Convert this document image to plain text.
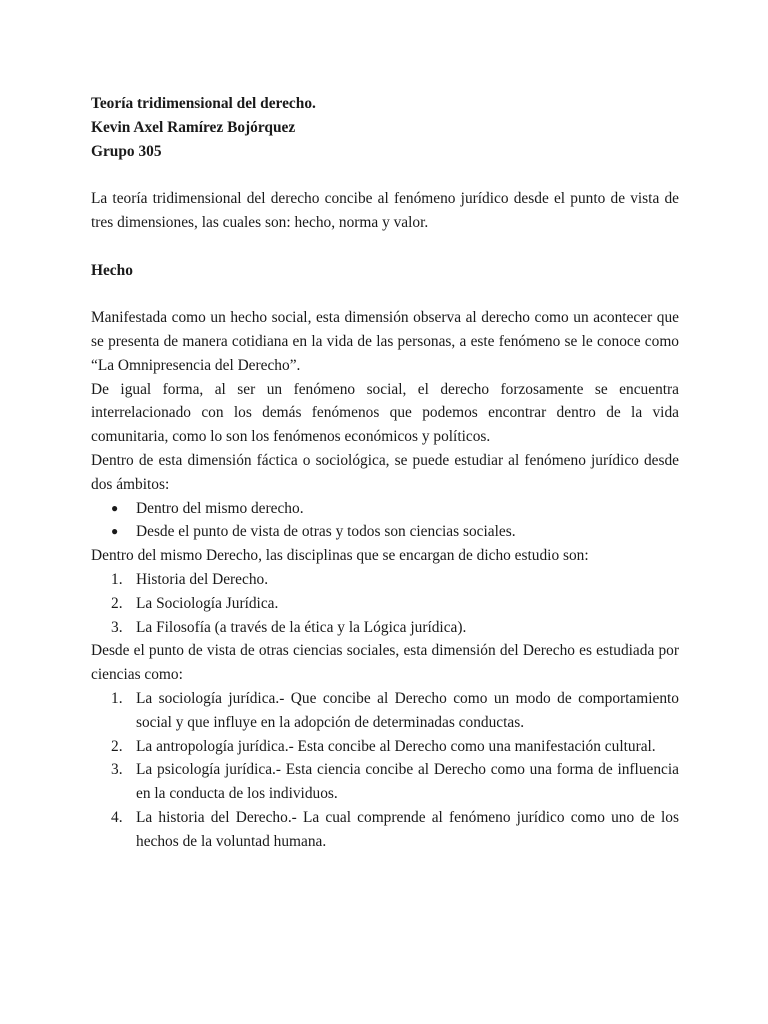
Teoría tridimensional del derecho.

Kevin Axel Ramírez Bojórquez

Grupo 305

La teoría tridimensional del derecho concibe al fenómeno jurídico desde el punto de vista de tres dimensiones, las cuales son: hecho, norma y valor.

Hecho

Manifestada como un hecho social, esta dimensión observa al derecho como un acontecer que se presenta de manera cotidiana en la vida de las personas, a este fenómeno se le conoce como “La Omnipresencia del Derecho”.

De igual forma, al ser un fenómeno social, el derecho forzosamente se encuentra interrelacionado con los demás fenómenos que podemos encontrar dentro de la vida comunitaria, como lo son los fenómenos económicos y políticos.

Dentro de esta dimensión fáctica o sociológica, se puede estudiar al fenómeno jurídico desde dos ámbitos:

● Dentro del mismo derecho.
● Desde el punto de vista de otras y todos son ciencias sociales.

Dentro del mismo Derecho, las disciplinas que se encargan de dicho estudio son:

1. Historia del Derecho.
2. La Sociología Jurídica.
3. La Filosofía (a través de la ética y la Lógica jurídica).

Desde el punto de vista de otras ciencias sociales, esta dimensión del Derecho es estudiada por ciencias como:

1. La sociología jurídica.- Que concibe al Derecho como un modo de comportamiento social y que influye en la adopción de determinadas conductas.
2. La antropología jurídica.- Esta concibe al Derecho como una manifestación cultural.
3. La psicología jurídica.- Esta ciencia concibe al Derecho como una forma de influencia en la conducta de los individuos.
4. La historia del Derecho.- La cual comprende al fenómeno jurídico como uno de los hechos de la voluntad humana.
